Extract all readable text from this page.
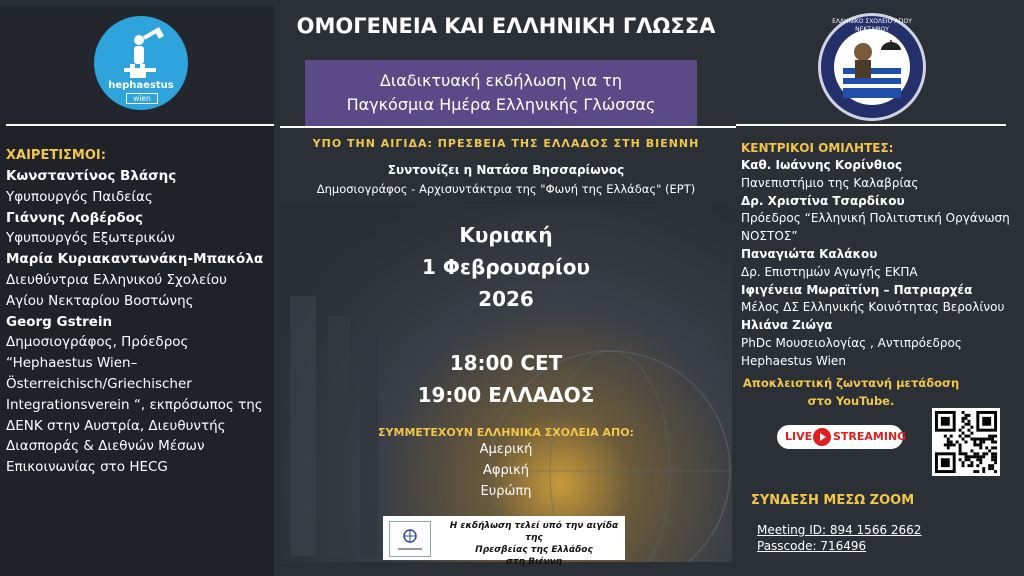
hephaestus
wien
ΧΑΙΡΕΤΙΣΜΟΙ:
Κωνσταντίνος Βλάσης
Υφυπουργός Παιδείας
Γιάννης Λοβέρδος
Υφυπουργός Εξωτερικών
Μαρία Κυριακαντωνάκη-Μπακόλα
Διευθύντρια Ελληνικού Σχολείου
Αγίου Νεκταρίου Βοστώνης
Georg Gstrein
Δημοσιογράφος, Πρόεδρος
“Hephaestus Wien–
Österreichisch/Griechischer
Integrationsverein “, εκπρόσωπος της
ΔΕΝΚ στην Αυστρία, Διευθυντής
Διασποράς & Διεθνών Μέσων
Επικοινωνίας στο HECG
ΟΜΟΓΕΝΕΙΑ ΚΑΙ ΕΛΛΗΝΙΚΗ ΓΛΩΣΣΑ
Διαδικτυακή εκδήλωση για τη
Παγκόσμια Ημέρα Ελληνικής Γλώσσας
ΥΠΟ ΤΗΝ ΑΙΓΙΔΑ: ΠΡΕΣΒΕΙΑ ΤΗΣ ΕΛΛΑΔΟΣ ΣΤΗ ΒΙΕΝΝΗ
Συντονίζει η Νατάσα Βησσαρίωνος
Δημοσιογράφος - Αρχισυντάκτρια της "Φωνή της Ελλάδας" (ΕΡΤ)
Κυριακή
1 Φεβρουαρίου
2026
18:00 CET
19:00 ΕΛΛΑΔΟΣ
ΣΥΜΜΕΤΕΧΟΥΝ ΕΛΛΗΝΙΚΑ ΣΧΟΛΕΙΑ ΑΠΟ:
Αμερική
Αφρική
Ευρώπη
Η εκδήλωση τελεί υπό την αιγίδα της
Πρεσβείας της Ελλάδος
στη Βιέννη
ΕΛΛΗΝΙΚΟ ΣΧΟΛΕΙΟ ΑΓΙΟΥ ΝΕΚΤΑΡΙΟΥ
ΚΕΝΤΡΙΚΟΙ ΟΜΙΛΗΤΕΣ:
Καθ. Ιωάννης Κορίνθιος
Πανεπιστήμιο της Καλαβρίας
Δρ. Χριστίνα Τσαρδίκου
Πρόεδρος “Ελληνική Πολιτιστική Οργάνωση
ΝΟΣΤΟΣ”
Παναγιώτα Καλάκου
Δρ. Επιστημών Αγωγής ΕΚΠΑ
Ιφιγένεια Μωραϊτίνη – Πατριαρχέα
Μέλος ΔΣ Ελληνικής Κοινότητας Βερολίνου
Ηλιάνα Ζιώγα
PhDc Μουσειολογίας , Αντιπρόεδρος
Hephaestus Wien
Αποκλειστική ζωντανή μετάδοση
στο YouTube.
LIVE STREAMING
ΣΥΝΔΕΣΗ ΜΕΣΩ ZOOM
Meeting ID: 894 1566 2662
Passcode: 716496
